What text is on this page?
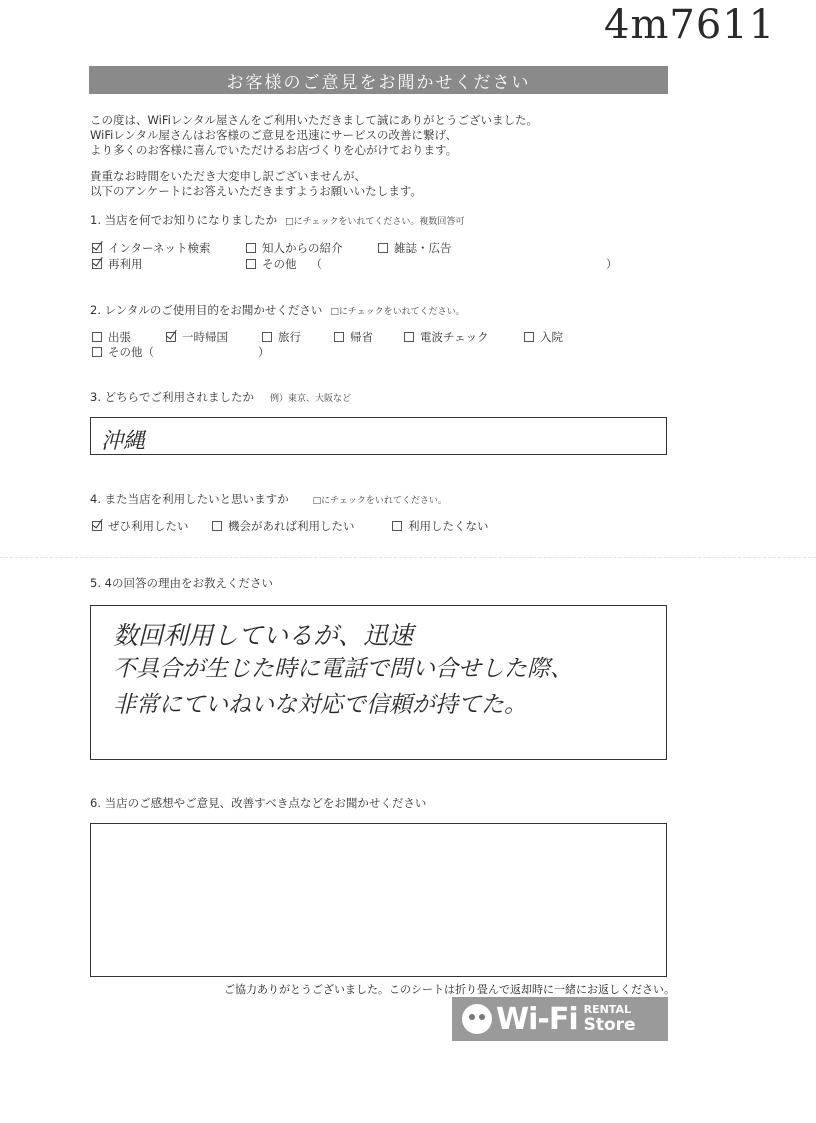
4m7611
お客様のご意見をお聞かせください
この度は、WiFiレンタル屋さんをご利用いただきまして誠にありがとうございました。
WiFiレンタル屋さんはお客様のご意見を迅速にサービスの改善に繋げ、
より多くのお客様に喜んでいただけるお店づくりを心がけております。
貴重なお時間をいただき大変申し訳ございませんが、
以下のアンケートにお答えいただきますようお願いいたします。
1. 当店を何でお知りになりましたか □にチェックをいれてください。複数回答可
インターネット検索	知人からの紹介	雑誌・広告
再利用	その他 （	）
2. レンタルのご使用目的をお聞かせください □にチェックをいれてください。
出張	一時帰国	旅行	帰省	電波チェック	入院
その他（	）
3. どちらでご利用されましたか 例）東京、大阪など
沖縄
4. また当店を利用したいと思いますか	□にチェックをいれてください。
ぜひ利用したい	機会があれば利用したい	利用したくない
5. 4の回答の理由をお教えください
数回利用しているが、迅速
不具合が生じた時に電話で問い合せした際、
非常にていねいな対応で信頼が持てた。
6. 当店のご感想やご意見、改善すべき点などをお聞かせください
ご協力ありがとうございました。このシートは折り畳んで返却時に一緒にお返しください。
Wi-Fi RENTAL
Store
